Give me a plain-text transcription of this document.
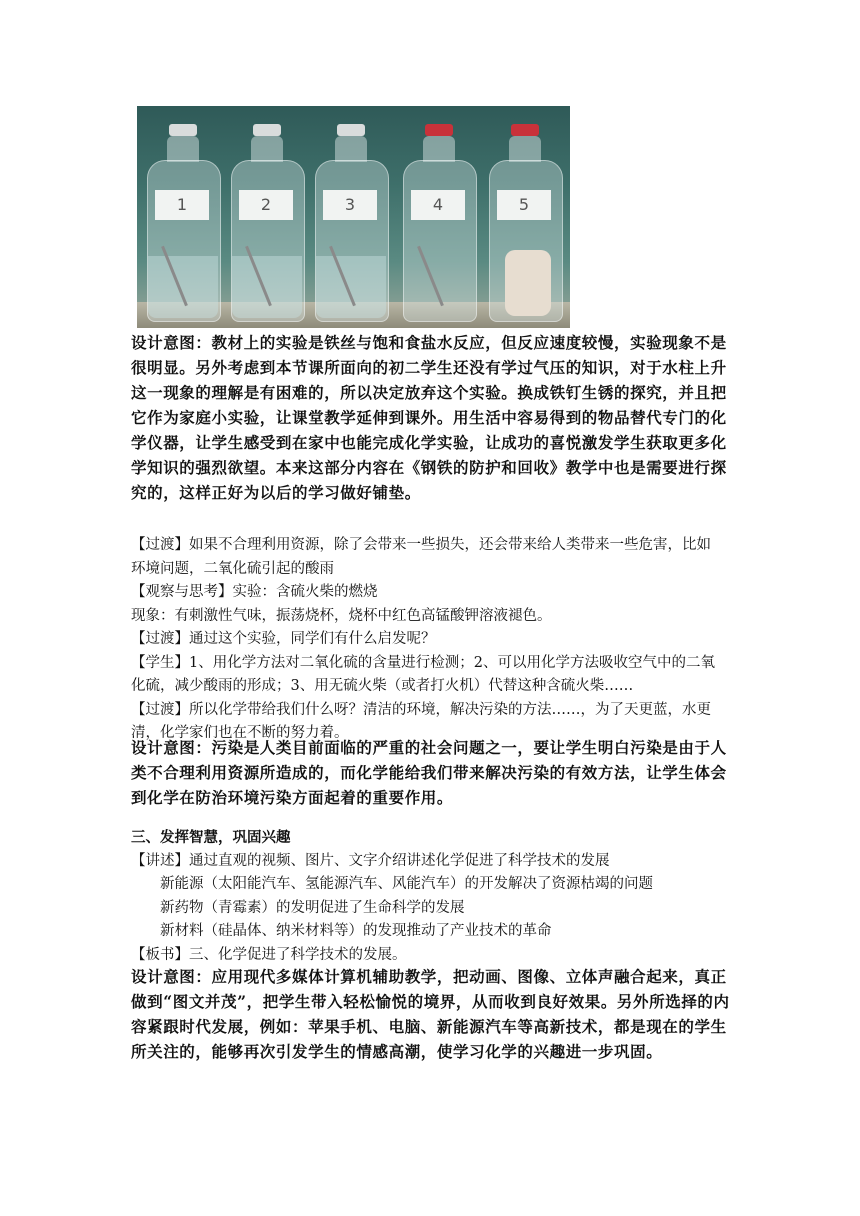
1	2	3	4	5
设计意图：教材上的实验是铁丝与饱和食盐水反应，但反应速度较慢，实验现象不是很明显。另外考虑到本节课所面向的初二学生还没有学过气压的知识，对于水柱上升这一现象的理解是有困难的，所以决定放弃这个实验。换成铁钉生锈的探究，并且把它作为家庭小实验，让课堂教学延伸到课外。用生活中容易得到的物品替代专门的化学仪器，让学生感受到在家中也能完成化学实验，让成功的喜悦激发学生获取更多化学知识的强烈欲望。本来这部分内容在《钢铁的防护和回收》教学中也是需要进行探究的，这样正好为以后的学习做好铺垫。
【过渡】如果不合理利用资源，除了会带来一些损失，还会带来给人类带来一些危害，比如
环境问题，二氧化硫引起的酸雨
【观察与思考】实验：含硫火柴的燃烧
现象：有刺激性气味，振荡烧杯，烧杯中红色高锰酸钾溶液褪色。
【过渡】通过这个实验，同学们有什么启发呢？
【学生】1、用化学方法对二氧化硫的含量进行检测；2、可以用化学方法吸收空气中的二氧
化硫，减少酸雨的形成；3、用无硫火柴（或者打火机）代替这种含硫火柴……
【过渡】所以化学带给我们什么呀？清洁的环境，解决污染的方法……，为了天更蓝，水更
清，化学家们也在不断的努力着。
设计意图：污染是人类目前面临的严重的社会问题之一，要让学生明白污染是由于人类不合理利用资源所造成的，而化学能给我们带来解决污染的有效方法，让学生体会到化学在防治环境污染方面起着的重要作用。
三、发挥智慧，巩固兴趣
【讲述】通过直观的视频、图片、文字介绍讲述化学促进了科学技术的发展
新能源（太阳能汽车、氢能源汽车、风能汽车）的开发解决了资源枯竭的问题
新药物（青霉素）的发明促进了生命科学的发展
新材料（硅晶体、纳米材料等）的发现推动了产业技术的革命
【板书】三、化学促进了科学技术的发展。
设计意图：应用现代多媒体计算机辅助教学，把动画、图像、立体声融合起来，真正做到“图文并茂”，把学生带入轻松愉悦的境界，从而收到良好效果。另外所选择的内容紧跟时代发展，例如：苹果手机、电脑、新能源汽车等高新技术，都是现在的学生所关注的，能够再次引发学生的情感高潮，使学习化学的兴趣进一步巩固。
